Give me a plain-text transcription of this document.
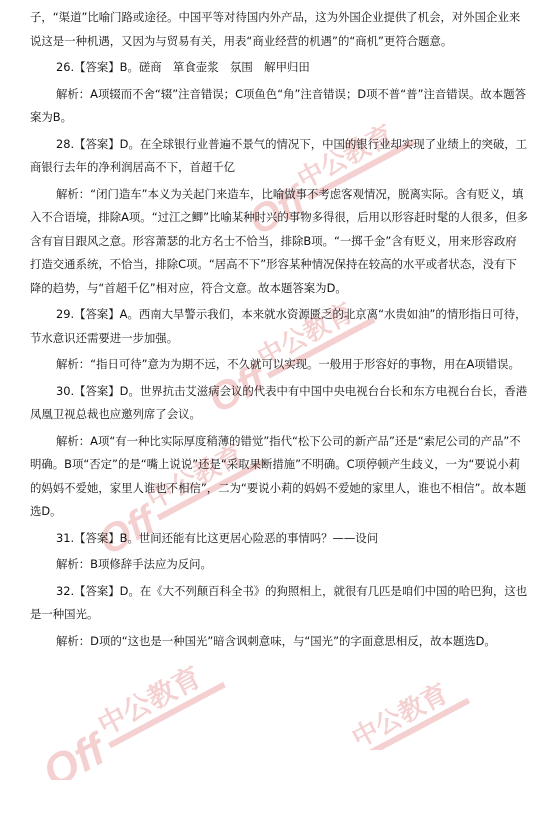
Off
中公教育
Off
中公教育
Off
中公教育
Off
中公教育	中公教育

子，“渠道”比喻门路或途径。中国平等对待国内外产品，这为外国企业提供了机会，对外国企业来说这是一种机遇，又因为与贸易有关，用表“商业经营的机遇”的“商机”更符合题意。

26.【答案】B。磋商　箪食壶浆　氛围　解甲归田

解析：A项辍而不舍“辍”注音错误；C项鱼色“角”注音错误；D项不普“普”注音错误。故本题答案为B。

28.【答案】D。在全球银行业普遍不景气的情况下，中国的银行业却实现了业绩上的突破，工商银行去年的净利润居高不下，首超千亿

解析：“闭门造车”本义为关起门来造车，比喻做事不考虑客观情况，脱离实际。含有贬义，填入不合语境，排除A项。“过江之鲫”比喻某种时兴的事物多得很，后用以形容赶时髦的人很多，但多含有盲目跟风之意。形容萧瑟的北方名士不恰当，排除B项。“一掷千金”含有贬义，用来形容政府打造交通系统，不恰当，排除C项。“居高不下”形容某种情况保持在较高的水平或者状态，没有下降的趋势，与“首超千亿”相对应，符合文意。故本题答案为D。

29.【答案】A。西南大旱警示我们，本来就水资源匮乏的北京离“水贵如油”的情形指日可待，节水意识还需要进一步加强。

解析：“指日可待”意为为期不远，不久就可以实现。一般用于形容好的事物，用在A项错误。

30.【答案】D。世界抗击艾滋病会议的代表中有中国中央电视台台长和东方电视台台长，香港凤凰卫视总裁也应邀列席了会议。

解析：A项“有一种比实际厚度稍薄的错觉”指代“松下公司的新产品”还是“索尼公司的产品”不明确。B项“否定”的是“嘴上说说”还是“采取果断措施”不明确。C项停顿产生歧义，一为“要说小莉的妈妈不爱她，家里人谁也不相信”，二为“要说小莉的妈妈不爱她的家里人，谁也不相信”。故本题选D。

31.【答案】B。世间还能有比这更居心险恶的事情吗？——设问

解析：B项修辞手法应为反问。

32.【答案】D。在《大不列颠百科全书》的狗照相上，就很有几匹是咱们中国的哈巴狗，这也是一种国光。

解析：D项的“这也是一种国光”暗含讽刺意味，与“国光”的字面意思相反，故本题选D。
